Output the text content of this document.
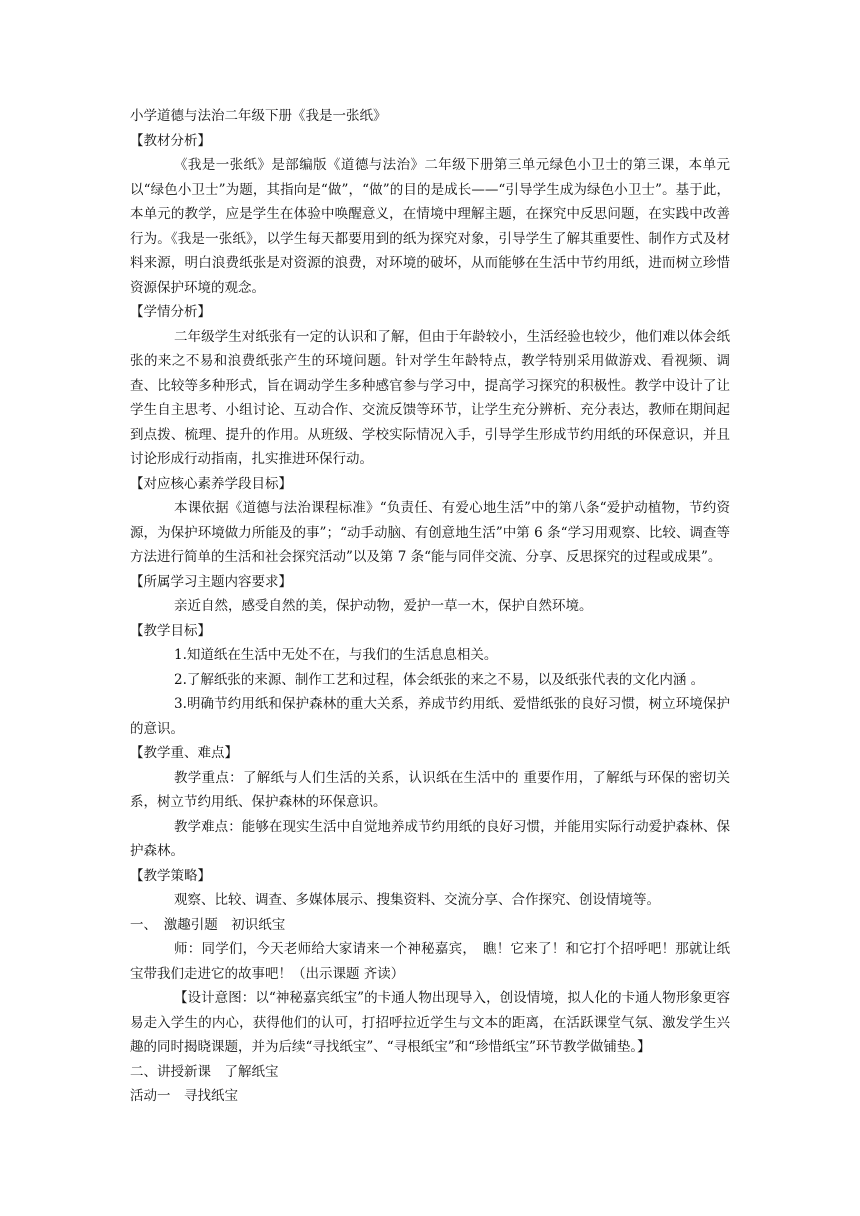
小学道德与法治二年级下册《我是一张纸》
【教材分析】
《我是一张纸》是部编版《道德与法治》二年级下册第三单元绿色小卫士的第三课，本单元以“绿色小卫士”为题，其指向是“做”，“做”的目的是成长——“引导学生成为绿色小卫士”。基于此，本单元的教学，应是学生在体验中唤醒意义，在情境中理解主题，在探究中反思问题，在实践中改善行为。《我是一张纸》，以学生每天都要用到的纸为探究对象，引导学生了解其重要性、制作方式及材料来源，明白浪费纸张是对资源的浪费，对环境的破坏，从而能够在生活中节约用纸，进而树立珍惜资源保护环境的观念。
【学情分析】
二年级学生对纸张有一定的认识和了解，但由于年龄较小，生活经验也较少，他们难以体会纸张的来之不易和浪费纸张产生的环境问题。针对学生年龄特点，教学特别采用做游戏、看视频、调查、比较等多种形式，旨在调动学生多种感官参与学习中，提高学习探究的积极性。教学中设计了让学生自主思考、小组讨论、互动合作、交流反馈等环节，让学生充分辨析、充分表达，教师在期间起到点拨、梳理、提升的作用。从班级、学校实际情况入手，引导学生形成节约用纸的环保意识，并且讨论形成行动指南，扎实推进环保行动。
【对应核心素养学段目标】
本课依据《道德与法治课程标准》“负责任、有爱心地生活”中的第八条“爱护动植物，节约资源，为保护环境做力所能及的事”；“动手动脑、有创意地生活”中第 6 条“学习用观察、比较、调查等方法进行简单的生活和社会探究活动”以及第 7 条“能与同伴交流、分享、反思探究的过程或成果”。
【所属学习主题内容要求】
亲近自然，感受自然的美，保护动物，爱护一草一木，保护自然环境。
【教学目标】
1.知道纸在生活中无处不在，与我们的生活息息相关。
2.了解纸张的来源、制作工艺和过程，体会纸张的来之不易，以及纸张代表的文化内涵 。
3.明确节约用纸和保护森林的重大关系，养成节约用纸、爱惜纸张的良好习惯，树立环境保护的意识。
【教学重、难点】
教学重点：了解纸与人们生活的关系，认识纸在生活中的 重要作用，了解纸与环保的密切关系，树立节约用纸、保护森林的环保意识。
教学难点：能够在现实生活中自觉地养成节约用纸的良好习惯，并能用实际行动爱护森林、保护森林。
【教学策略】
观察、比较、调查、多媒体展示、搜集资料、交流分享、合作探究、创设情境等。
一、　激趣引题　初识纸宝
师：同学们，今天老师给大家请来一个神秘嘉宾，　瞧！它来了！和它打个招呼吧！那就让纸宝带我们走进它的故事吧！（出示课题 齐读）
【设计意图：以“神秘嘉宾纸宝”的卡通人物出现导入，创设情境，拟人化的卡通人物形象更容易走入学生的内心，获得他们的认可，打招呼拉近学生与文本的距离，在活跃课堂气氛、激发学生兴趣的同时揭晓课题，并为后续“寻找纸宝”、“寻根纸宝”和“珍惜纸宝”环节教学做铺垫。】
二、讲授新课　了解纸宝
活动一　寻找纸宝
